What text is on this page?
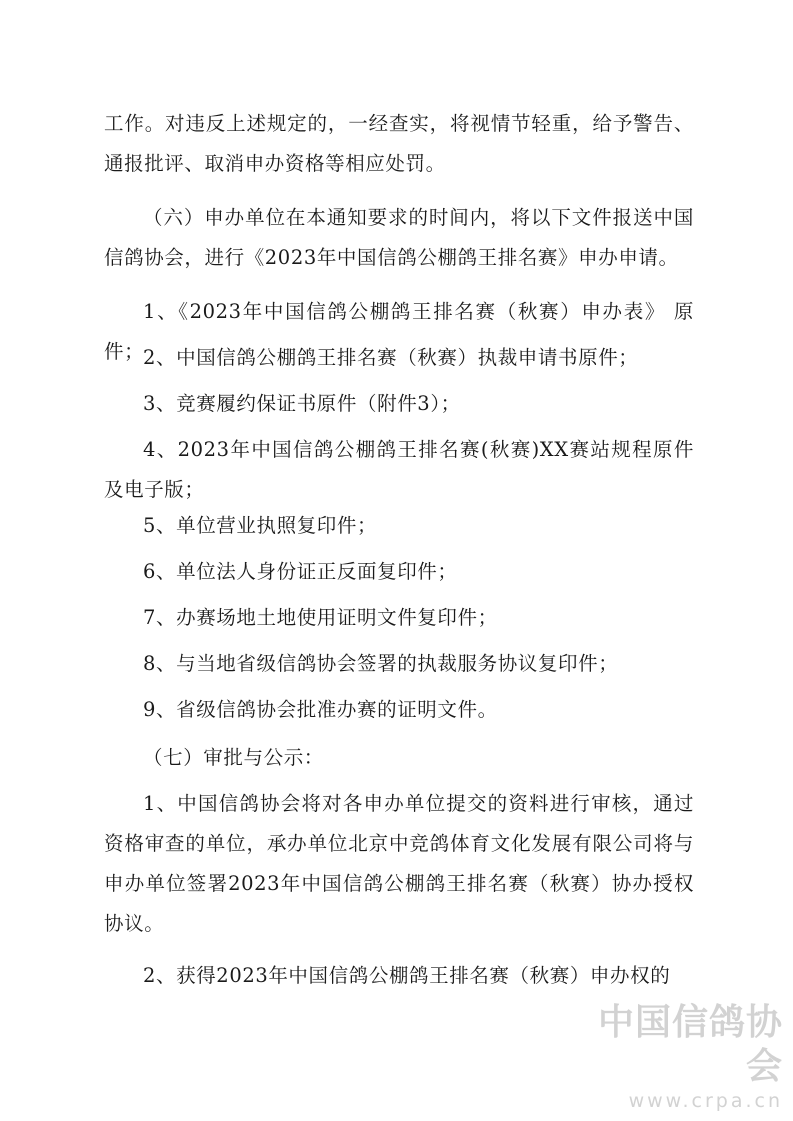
工作。对违反上述规定的，一经查实，将视情节轻重，给予警告、通报批评、取消申办资格等相应处罚。

（六）申办单位在本通知要求的时间内，将以下文件报送中国信鸽协会，进行《2023年中国信鸽公棚鸽王排名赛》申办申请。

1、《2023年中国信鸽公棚鸽王排名赛（秋赛）申办表》 原件；

2、中国信鸽公棚鸽王排名赛（秋赛）执裁申请书原件；

3、竞赛履约保证书原件（附件3）；

4、2023年中国信鸽公棚鸽王排名赛(秋赛)XX赛站规程原件及电子版；

5、单位营业执照复印件；

6、单位法人身份证正反面复印件；

7、办赛场地土地使用证明文件复印件；

8、与当地省级信鸽协会签署的执裁服务协议复印件；

9、省级信鸽协会批准办赛的证明文件。

（七）审批与公示：

1、中国信鸽协会将对各申办单位提交的资料进行审核，通过资格审查的单位，承办单位北京中竞鸽体育文化发展有限公司将与申办单位签署2023年中国信鸽公棚鸽王排名赛（秋赛）协办授权协议。

2、获得2023年中国信鸽公棚鸽王排名赛（秋赛）申办权的

中国信鸽协会
www.crpa.cn
